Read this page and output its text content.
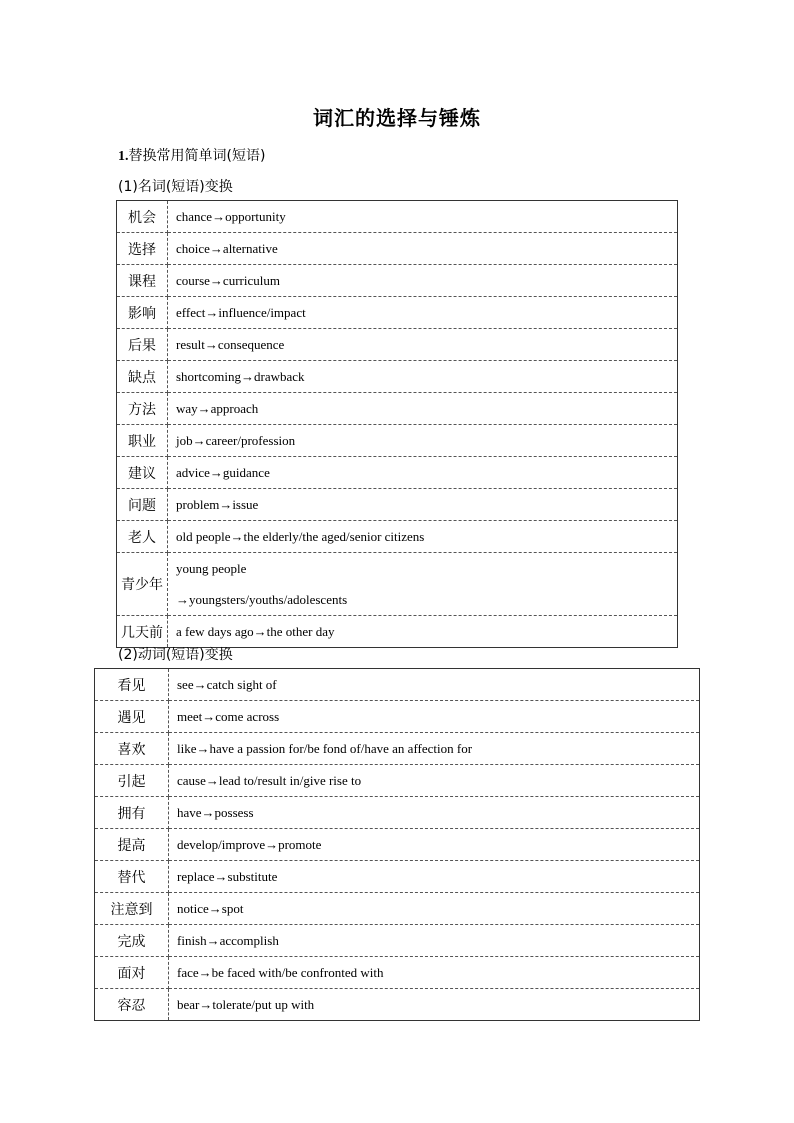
词汇的选择与锤炼
1.替换常用简单词(短语)
(1)名词(短语)变换
机会	chance→opportunity

选择	choice→alternative

课程	course→curriculum

影响	effect→influence/impact

后果	result→consequence

缺点	shortcoming→drawback

方法	way→approach

职业	job→career/profession

建议	advice→guidance

问题	problem→issue

老人	old people→the elderly/the aged/senior citizens

青少年	young people
→youngsters/youths/adolescents

几天前	a few days ago→the other day
(2)动词(短语)变换
看见	see→catch sight of

遇见	meet→come across

喜欢	like→have a passion for/be fond of/have an affection for

引起	cause→lead to/result in/give rise to

拥有	have→possess

提高	develop/improve→promote

替代	replace→substitute

注意到	notice→spot

完成	finish→accomplish

面对	face→be faced with/be confronted with

容忍	bear→tolerate/put up with
